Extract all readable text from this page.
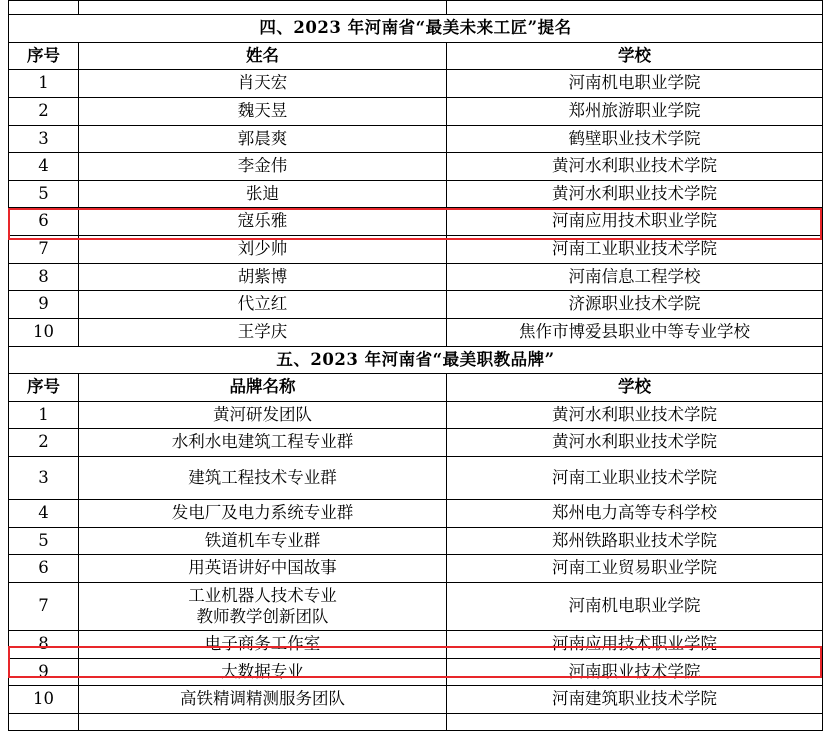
四、2023 年河南省“最美未来工匠”提名		
序号	姓名	学校
1	肖天宏	河南机电职业学院
2	魏天昱	郑州旅游职业学院
3	郭晨爽	鹤壁职业技术学院
4	李金伟	黄河水利职业技术学院
5	张迪	黄河水利职业技术学院
6	寇乐雅	河南应用技术职业学院
7	刘少帅	河南工业职业技术学院
8	胡紫博	河南信息工程学校
9	代立红	济源职业技术学院
10	王学庆	焦作市博爱县职业中等专业学校
五、2023 年河南省“最美职教品牌”		
序号	品牌名称	学校
1	黄河研发团队	黄河水利职业技术学院
2	水利水电建筑工程专业群	黄河水利职业技术学院
3	建筑工程技术专业群	河南工业职业技术学院
4	发电厂及电力系统专业群	郑州电力高等专科学校
5	铁道机车专业群	郑州铁路职业技术学院
6	用英语讲好中国故事	河南工业贸易职业学院
7	工业机器人技术专业
教师教学创新团队	河南机电职业学院
8	电子商务工作室	河南应用技术职业学院
9	大数据专业	河南职业技术学院
10	高铁精调精测服务团队	河南建筑职业技术学院
